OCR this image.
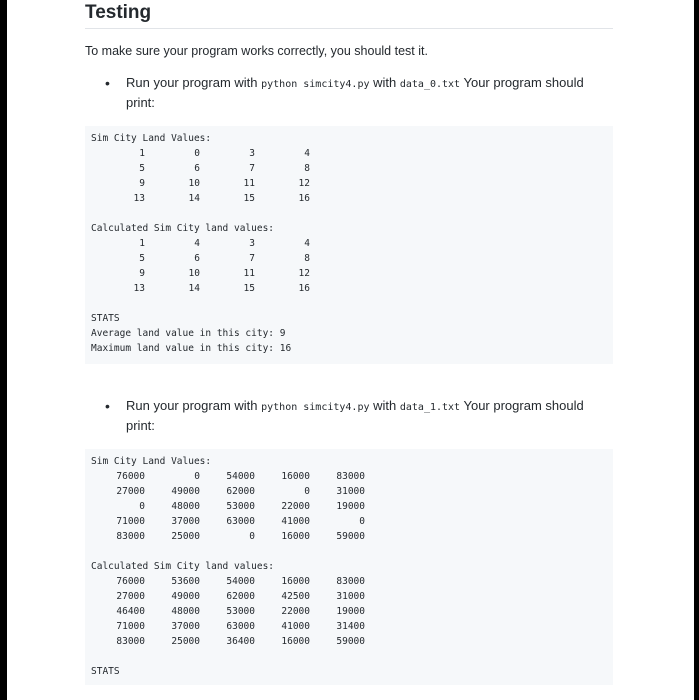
Testing

To make sure your program works correctly, you should test it.

• Run your program with python simcity4.py with data_0.txt Your program should print:
Sim City Land Values:
1	0	3	4
5	6	7	8
9	10	11	12
13	14	15	16
Calculated Sim City land values:
1	4	3	4
5	6	7	8
9	10	11	12
13	14	15	16
STATS
Average land value in this city: 9
Maximum land value in this city: 16
• Run your program with python simcity4.py with data_1.txt Your program should print:
Sim City Land Values:
76000	0	54000	16000	83000
27000	49000	62000	0	31000
0	48000	53000	22000	19000
71000	37000	63000	41000	0
83000	25000	0	16000	59000
Calculated Sim City land values:
76000	53600	54000	16000	83000
27000	49000	62000	42500	31000
46400	48000	53000	22000	19000
71000	37000	63000	41000	31400
83000	25000	36400	16000	59000
STATS
